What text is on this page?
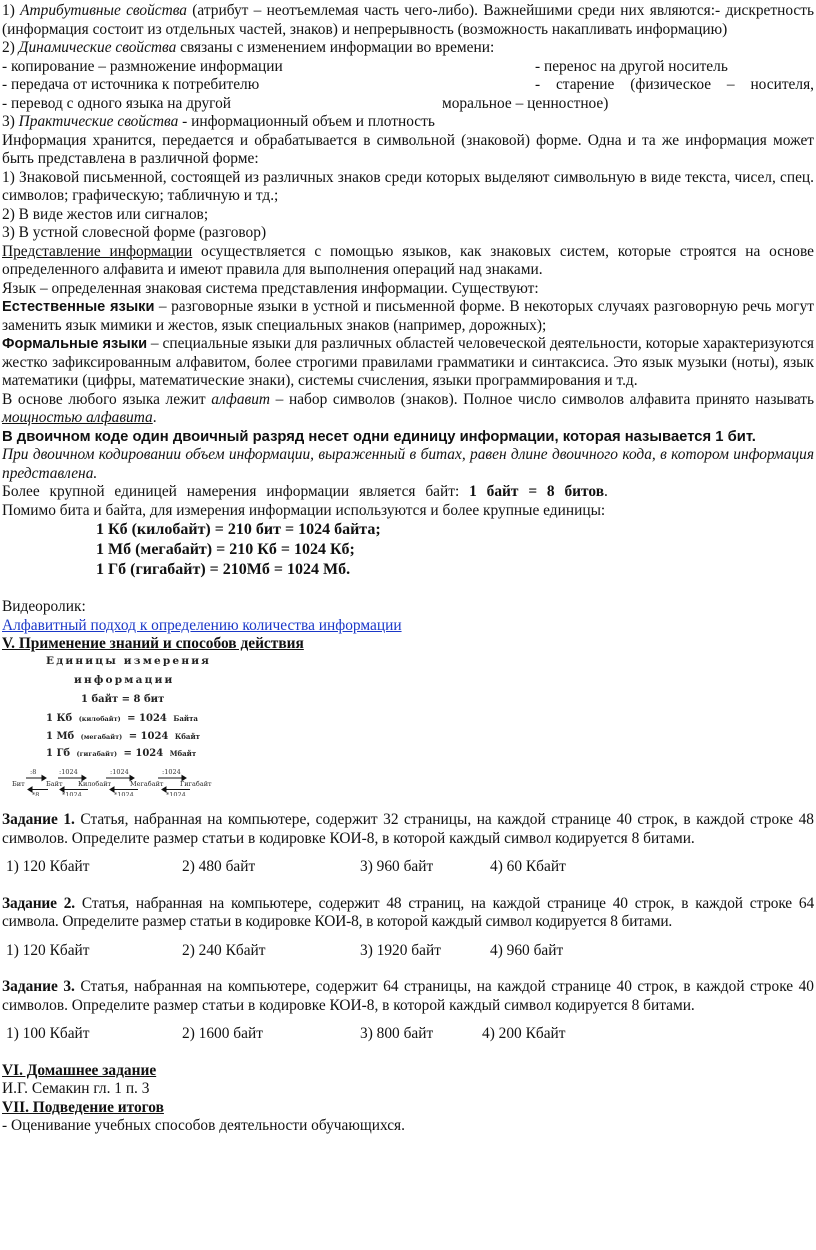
1) Атрибутивные свойства (атрибут – неотъемлемая часть чего-либо). Важнейшими среди них являются:- дискретность (информация состоит из отдельных частей, знаков) и непрерывность (возможность накапливать информацию)

2) Динамические свойства связаны с изменением информации во времени:

- копирование – размножение информации	- перенос на другой носитель
- передача от источника к потребителю	- старение (физическое – носителя,
- перевод с одного языка на другой	моральное – ценностное)

3) Практические свойства - информационный объем и плотность

Информация хранится, передается и обрабатывается в символьной (знаковой) форме. Одна и та же информация может быть представлена в различной форме:

1) Знаковой письменной, состоящей из различных знаков среди которых выделяют символьную в виде текста, чисел, спец. символов; графическую; табличную и тд.;

2) В виде жестов или сигналов;

3) В устной словесной форме (разговор)

Представление информации осуществляется с помощью языков, как знаковых систем, которые строятся на основе определенного алфавита и имеют правила для выполнения операций над знаками.

Язык – определенная знаковая система представления информации. Существуют:

Естественные языки – разговорные языки в устной и письменной форме. В некоторых случаях разговорную речь могут заменить язык мимики и жестов, язык специальных знаков (например, дорожных);

Формальные языки – специальные языки для различных областей человеческой деятельности, которые характеризуются жестко зафиксированным алфавитом, более строгими правилами грамматики и синтаксиса. Это язык музыки (ноты), язык математики (цифры, математические знаки), системы счисления, языки программирования и т.д.

В основе любого языка лежит алфавит – набор символов (знаков). Полное число символов алфавита принято называть мощностью алфавита.

В двоичном коде один двоичный разряд несет одни единицу информации, которая называется 1 бит.

При двоичном кодировании объем информации, выраженный в битах, равен длине двоичного кода, в котором информация представлена.

Более крупной единицей намерения информации является байт: 1 байт = 8 битов.

Помимо бита и байта, для измерения информации используются и более крупные единицы:

1 Кб (килобайт) = 210 бит = 1024 байта;
1 Мб (мегабайт) = 210 Кб = 1024 Кб;
1 Гб (гигабайт) = 210Мб = 1024 Мб.

Видеоролик:

Алфавитный подход к определению количества информации

V. Применение знаний и способов действия

Единицы измерения
информации
1 байт = 8 бит
1 Кб (килобайт) = 1024 Байта
1 Мб (мегабайт) = 1024 Кбайт
1 Гб (гигабайт) = 1024 Мбайт
:8	:1024	:1024	:1024
Бит	Байт Килобайт	Мегабайт	Гигабайт
*8	*1024	*1024	*1024

Задание 1. Статья, набранная на компьютере, содержит 32 страницы, на каждой странице 40 строк, в каждой строке 48 символов. Определите размер статьи в кодировке КОИ-8, в которой каждый символ кодируется 8 битами.

1) 120 Кбайт	2) 480 байт	3) 960 байт	4) 60 Кбайт

Задание 2. Статья, набранная на компьютере, содержит 48 страниц, на каждой странице 40 строк, в каждой строке 64 символа. Определите размер статьи в кодировке КОИ-8, в которой каждый символ кодируется 8 битами.

1) 120 Кбайт	2) 240 Кбайт	3) 1920 байт	4) 960 байт

Задание 3. Статья, набранная на компьютере, содержит 64 страницы, на каждой странице 40 строк, в каждой строке 40 символов. Определите размер статьи в кодировке КОИ-8, в которой каждый символ кодируется 8 битами.

1) 100 Кбайт	2) 1600 байт	3) 800 байт	4) 200 Кбайт

VI. Домашнее задание

И.Г. Семакин гл. 1 п. 3

VII. Подведение итогов

- Оценивание учебных способов деятельности обучающихся.
